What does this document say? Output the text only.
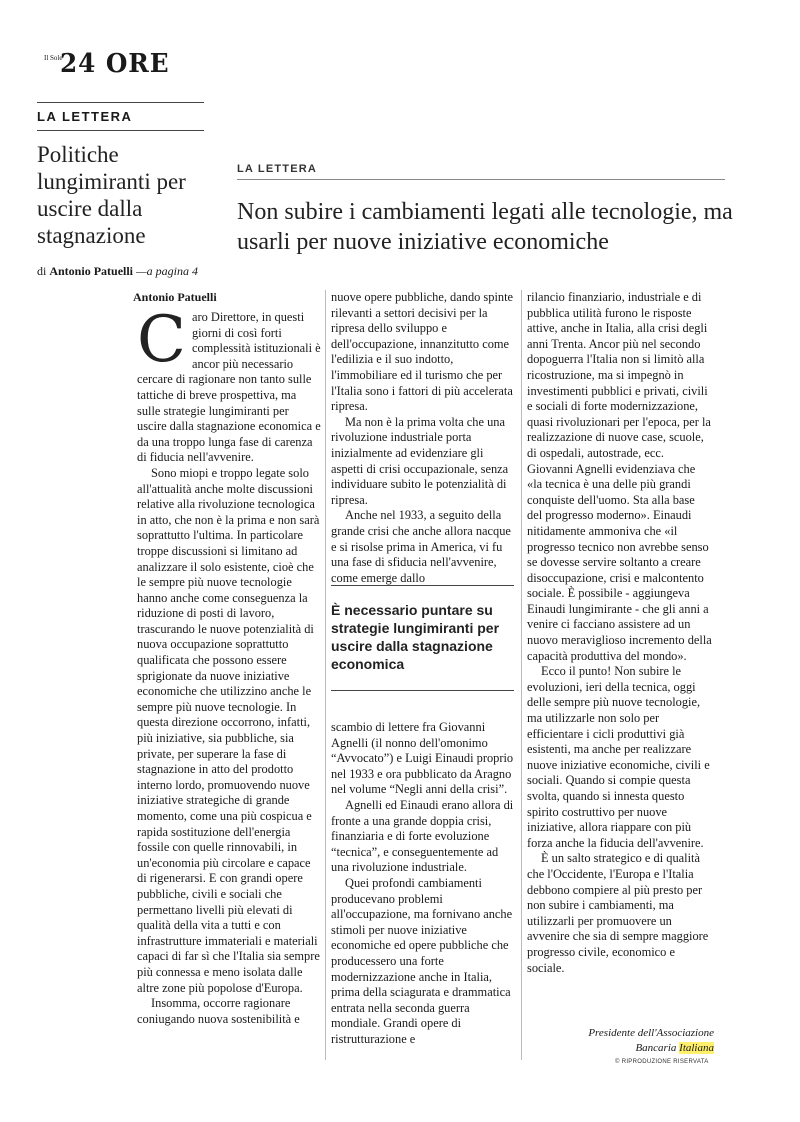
Il Sole
24 ORE
LA LETTERA
Politiche lungimiranti per uscire dalla stagnazione
di Antonio Patuelli —a pagina 4
LA LETTERA
Non subire i cambiamenti legati alle tecnologie, ma usarli per nuove iniziative economiche
Antonio Patuelli
C aro Direttore, in questi giorni di così forti complessità istituzionali è ancor più necessario cercare di ragionare non tanto sulle tattiche di breve prospettiva, ma sulle strategie lungimiranti per uscire dalla stagnazione economica e da una troppo lunga fase di carenza di fiducia nell'avvenire.

Sono miopi e troppo legate solo all'attualità anche molte discussioni relative alla rivoluzione tecnologica in atto, che non è la prima e non sarà soprattutto l'ultima. In particolare troppe discussioni si limitano ad analizzare il solo esistente, cioè che le sempre più nuove tecnologie hanno anche come conseguenza la riduzione di posti di lavoro, trascurando le nuove potenzialità di nuova occupazione soprattutto qualificata che possono essere sprigionate da nuove iniziative economiche che utilizzino anche le sempre più nuove tecnologie. In questa direzione occorrono, infatti, più iniziative, sia pubbliche, sia private, per superare la fase di stagnazione in atto del prodotto interno lordo, promuovendo nuove iniziative strategiche di grande momento, come una più cospicua e rapida sostituzione dell'energia fossile con quelle rinnovabili, in un'economia più circolare e capace di rigenerarsi. E con grandi opere pubbliche, civili e sociali che permettano livelli più elevati di qualità della vita a tutti e con infrastrutture immateriali e materiali capaci di far sì che l'Italia sia sempre più connessa e meno isolata dalle altre zone più popolose d'Europa.

Insomma, occorre ragionare coniugando nuova sostenibilità e

nuove opere pubbliche, dando spinte rilevanti a settori decisivi per la ripresa dello sviluppo e dell'occupazione, innanzitutto come l'edilizia e il suo indotto, l'immobiliare ed il turismo che per l'Italia sono i fattori di più accelerata ripresa.

Ma non è la prima volta che una rivoluzione industriale porta inizialmente ad evidenziare gli aspetti di crisi occupazionale, senza individuare subito le potenzialità di ripresa.

Anche nel 1933, a seguito della grande crisi che anche allora nacque e si risolse prima in America, vi fu una fase di sfiducia nell'avvenire, come emerge dallo

È necessario puntare su strategie lungimiranti per uscire dalla stagnazione economica

scambio di lettere fra Giovanni Agnelli (il nonno dell'omonimo “Avvocato”) e Luigi Einaudi proprio nel 1933 e ora pubblicato da Aragno nel volume “Negli anni della crisi”.

Agnelli ed Einaudi erano allora di fronte a una grande doppia crisi, finanziaria e di forte evoluzione “tecnica”, e conseguentemente ad una rivoluzione industriale.

Quei profondi cambiamenti producevano problemi all'occupazione, ma fornivano anche stimoli per nuove iniziative economiche ed opere pubbliche che producessero una forte modernizzazione anche in Italia, prima della sciagurata e drammatica entrata nella seconda guerra mondiale. Grandi opere di ristrutturazione e

rilancio finanziario, industriale e di pubblica utilità furono le risposte attive, anche in Italia, alla crisi degli anni Trenta. Ancor più nel secondo dopoguerra l'Italia non si limitò alla ricostruzione, ma si impegnò in investimenti pubblici e privati, civili e sociali di forte modernizzazione, quasi rivoluzionari per l'epoca, per la realizzazione di nuove case, scuole, di ospedali, autostrade, ecc. Giovanni Agnelli evidenziava che «la tecnica è una delle più grandi conquiste dell'uomo. Sta alla base del progresso moderno». Einaudi nitidamente ammoniva che «il progresso tecnico non avrebbe senso se dovesse servire soltanto a creare disoccupazione, crisi e malcontento sociale. È possibile - aggiungeva Einaudi lungimirante - che gli anni a venire ci facciano assistere ad un nuovo meraviglioso incremento della capacità produttiva del mondo».

Ecco il punto! Non subire le evoluzioni, ieri della tecnica, oggi delle sempre più nuove tecnologie, ma utilizzarle non solo per efficientare i cicli produttivi già esistenti, ma anche per realizzare nuove iniziative economiche, civili e sociali. Quando si compie questa svolta, quando si innesta questo spirito costruttivo per nuove iniziative, allora riappare con più forza anche la fiducia dell'avvenire.

È un salto strategico e di qualità che l'Occidente, l'Europa e l'Italia debbono compiere al più presto per non subire i cambiamenti, ma utilizzarli per promuovere un avvenire che sia di sempre maggiore progresso civile, economico e sociale.

Presidente dell'Associazione
Bancaria Italiana
© RIPRODUZIONE RISERVATA
